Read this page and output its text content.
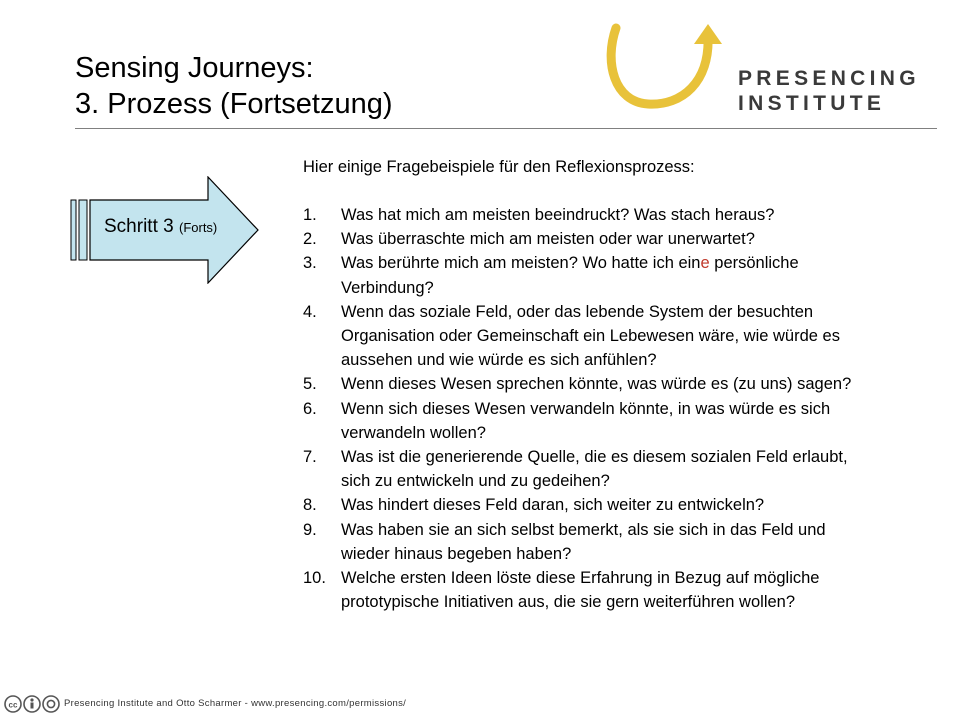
Sensing Journeys:
3. Prozess (Fortsetzung)
PRESENCING
INSTITUTE
Schritt 3 (Forts)
Hier einige Fragebeispiele für den Reflexionsprozess:
1. Was hat mich am meisten beeindruckt? Was stach heraus?
2. Was überraschte mich am meisten oder war unerwartet?
3. Was berührte mich am meisten? Wo hatte ich eine persönliche Verbindung?
4. Wenn das soziale Feld, oder das lebende System der besuchten Organisation oder Gemeinschaft ein Lebewesen wäre, wie würde es aussehen und wie würde es sich anfühlen?
5. Wenn dieses Wesen sprechen könnte, was würde es (zu uns) sagen?
6. Wenn sich dieses Wesen verwandeln könnte, in was würde es sich verwandeln wollen?
7. Was ist die generierende Quelle, die es diesem sozialen Feld erlaubt, sich zu entwickeln und zu gedeihen?
8. Was hindert dieses Feld daran, sich weiter zu entwickeln?
9. Was haben sie an sich selbst bemerkt, als sie sich in das Feld und wieder hinaus begeben haben?
10. Welche ersten Ideen löste diese Erfahrung in Bezug auf mögliche prototypische Initiativen aus, die sie gern weiterführen wollen?
cc	Presencing Institute and Otto Scharmer - www.presencing.com/permissions/
